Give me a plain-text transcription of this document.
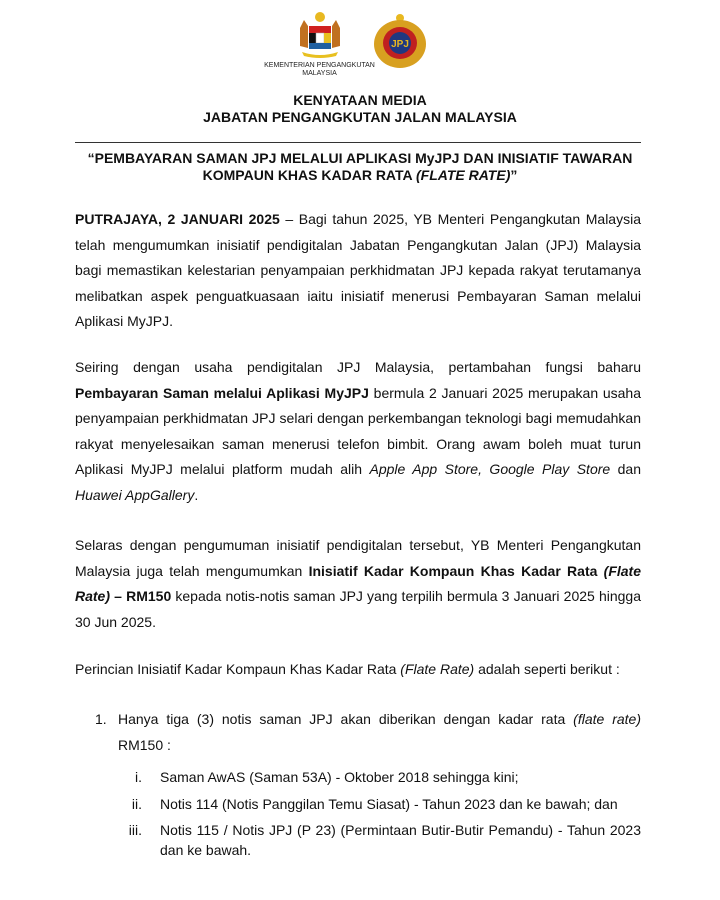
KEMENTERIAN PENGANGKUTAN MALAYSIA
JPJ
KENYATAAN MEDIA
JABATAN PENGANGKUTAN JALAN MALAYSIA
“PEMBAYARAN SAMAN JPJ MELALUI APLIKASI MyJPJ DAN INISIATIF TAWARAN KOMPAUN KHAS KADAR RATA (FLATE RATE)”
PUTRAJAYA, 2 JANUARI 2025 – Bagi tahun 2025, YB Menteri Pengangkutan Malaysia telah mengumumkan inisiatif pendigitalan Jabatan Pengangkutan Jalan (JPJ) Malaysia bagi memastikan kelestarian penyampaian perkhidmatan JPJ kepada rakyat terutamanya melibatkan aspek penguatkuasaan iaitu inisiatif menerusi Pembayaran Saman melalui Aplikasi MyJPJ.
Seiring dengan usaha pendigitalan JPJ Malaysia, pertambahan fungsi baharu Pembayaran Saman melalui Aplikasi MyJPJ bermula 2 Januari 2025 merupakan usaha penyampaian perkhidmatan JPJ selari dengan perkembangan teknologi bagi memudahkan rakyat menyelesaikan saman menerusi telefon bimbit. Orang awam boleh muat turun Aplikasi MyJPJ melalui platform mudah alih Apple App Store, Google Play Store dan Huawei AppGallery.
Selaras dengan pengumuman inisiatif pendigitalan tersebut, YB Menteri Pengangkutan Malaysia juga telah mengumumkan Inisiatif Kadar Kompaun Khas Kadar Rata (Flate Rate) – RM150 kepada notis-notis saman JPJ yang terpilih bermula 3 Januari 2025 hingga 30 Jun 2025.
Perincian Inisiatif Kadar Kompaun Khas Kadar Rata (Flate Rate) adalah seperti berikut :
1. Hanya tiga (3) notis saman JPJ akan diberikan dengan kadar rata (flate rate) RM150 :
i. Saman AwAS (Saman 53A) - Oktober 2018 sehingga kini;
ii. Notis 114 (Notis Panggilan Temu Siasat) - Tahun 2023 dan ke bawah; dan
iii. Notis 115 / Notis JPJ (P 23) (Permintaan Butir-Butir Pemandu) - Tahun 2023 dan ke bawah.
